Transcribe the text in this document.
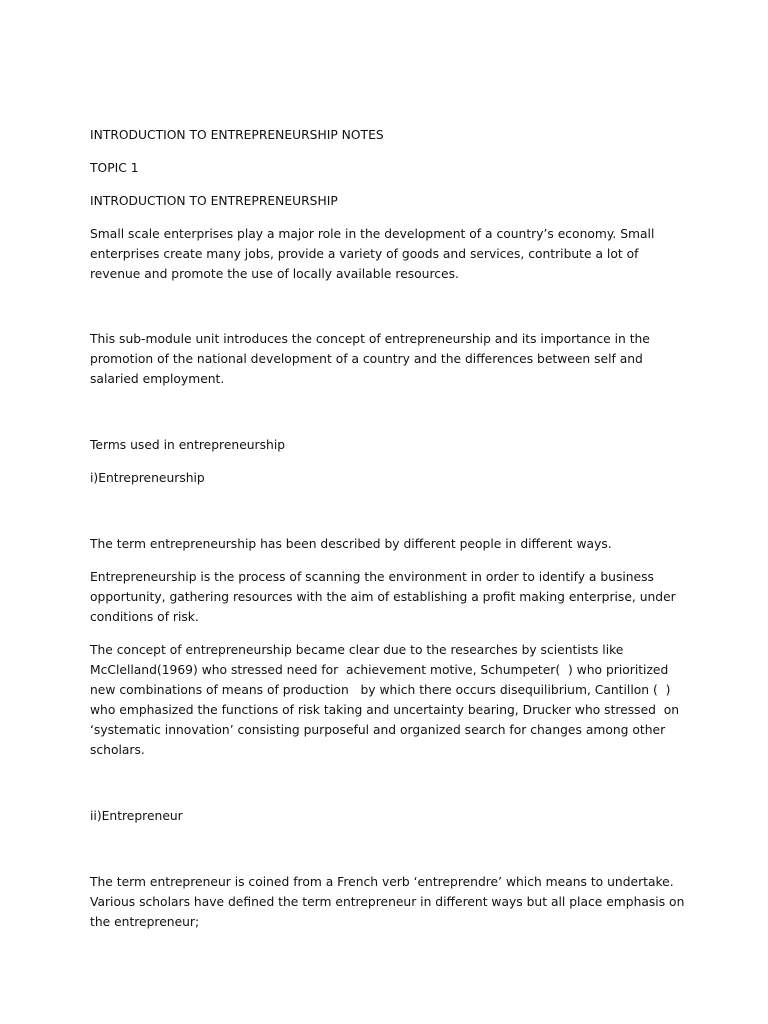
INTRODUCTION TO ENTREPRENEURSHIP NOTES

TOPIC 1

INTRODUCTION TO ENTREPRENEURSHIP

Small scale enterprises play a major role in the development of a country’s economy. Small enterprises create many jobs, provide a variety of goods and services, contribute a lot of revenue and promote the use of locally available resources.

This sub-module unit introduces the concept of entrepreneurship and its importance in the promotion of the national development of a country and the differences between self and salaried employment.

Terms used in entrepreneurship

i)Entrepreneurship

The term entrepreneurship has been described by different people in different ways.

Entrepreneurship is the process of scanning the environment in order to identify a business opportunity, gathering resources with the aim of establishing a profit making enterprise, under conditions of risk.

The concept of entrepreneurship became clear due to the researches by scientists like McClelland(1969) who stressed need for  achievement motive, Schumpeter(  ) who prioritized new combinations of means of production   by which there occurs disequilibrium, Cantillon (  )  who emphasized the functions of risk taking and uncertainty bearing, Drucker who stressed  on ‘systematic innovation’ consisting purposeful and organized search for changes among other scholars.

ii)Entrepreneur

The term entrepreneur is coined from a French verb ‘entreprendre’ which means to undertake. Various scholars have defined the term entrepreneur in different ways but all place emphasis on the entrepreneur;
